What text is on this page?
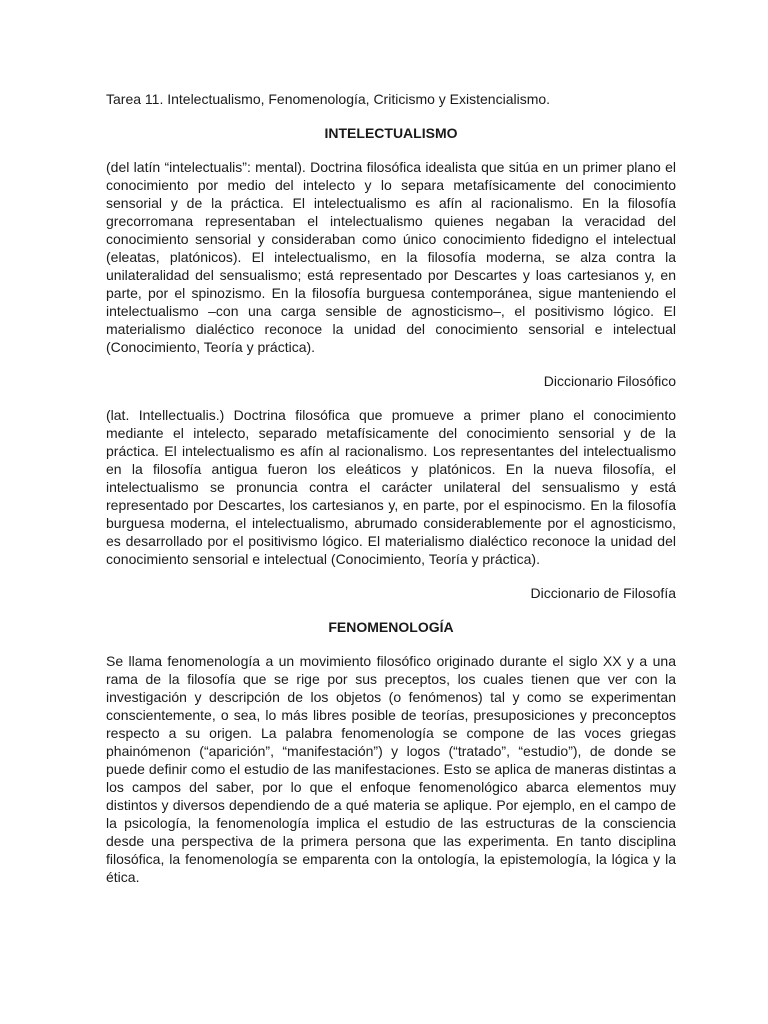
Tarea 11. Intelectualismo, Fenomenología, Criticismo y Existencialismo.

INTELECTUALISMO

(del latín “intelectualis”: mental). Doctrina filosófica idealista que sitúa en un primer plano el conocimiento por medio del intelecto y lo separa metafísicamente del conocimiento sensorial y de la práctica. El intelectualismo es afín al racionalismo. En la filosofía grecorromana representaban el intelectualismo quienes negaban la veracidad del conocimiento sensorial y consideraban como único conocimiento fidedigno el intelectual (eleatas, platónicos). El intelectualismo, en la filosofía moderna, se alza contra la unilateralidad del sensualismo; está representado por Descartes y loas cartesianos y, en parte, por el spinozismo. En la filosofía burguesa contemporánea, sigue manteniendo el intelectualismo –con una carga sensible de agnosticismo–, el positivismo lógico. El materialismo dialéctico reconoce la unidad del conocimiento sensorial e intelectual (Conocimiento, Teoría y práctica).

Diccionario Filosófico

(lat. Intellectualis.) Doctrina filosófica que promueve a primer plano el conocimiento mediante el intelecto, separado metafísicamente del conocimiento sensorial y de la práctica. El intelectualismo es afín al racionalismo. Los representantes del intelectualismo en la filosofía antigua fueron los eleáticos y platónicos. En la nueva filosofía, el intelectualismo se pronuncia contra el carácter unilateral del sensualismo y está representado por Descartes, los cartesianos y, en parte, por el espinocismo. En la filosofía burguesa moderna, el intelectualismo, abrumado considerablemente por el agnosticismo, es desarrollado por el positivismo lógico. El materialismo dialéctico reconoce la unidad del conocimiento sensorial e intelectual (Conocimiento, Teoría y práctica).

Diccionario de Filosofía

FENOMENOLOGÍA

Se llama fenomenología a un movimiento filosófico originado durante el siglo XX y a una rama de la filosofía que se rige por sus preceptos, los cuales tienen que ver con la investigación y descripción de los objetos (o fenómenos) tal y como se experimentan conscientemente, o sea, lo más libres posible de teorías, presuposiciones y preconceptos respecto a su origen. La palabra fenomenología se compone de las voces griegas phainómenon (“aparición”, “manifestación”) y logos (“tratado”, “estudio”), de donde se puede definir como el estudio de las manifestaciones. Esto se aplica de maneras distintas a los campos del saber, por lo que el enfoque fenomenológico abarca elementos muy distintos y diversos dependiendo de a qué materia se aplique. Por ejemplo, en el campo de la psicología, la fenomenología implica el estudio de las estructuras de la consciencia desde una perspectiva de la primera persona que las experimenta. En tanto disciplina filosófica, la fenomenología se emparenta con la ontología, la epistemología, la lógica y la ética.
